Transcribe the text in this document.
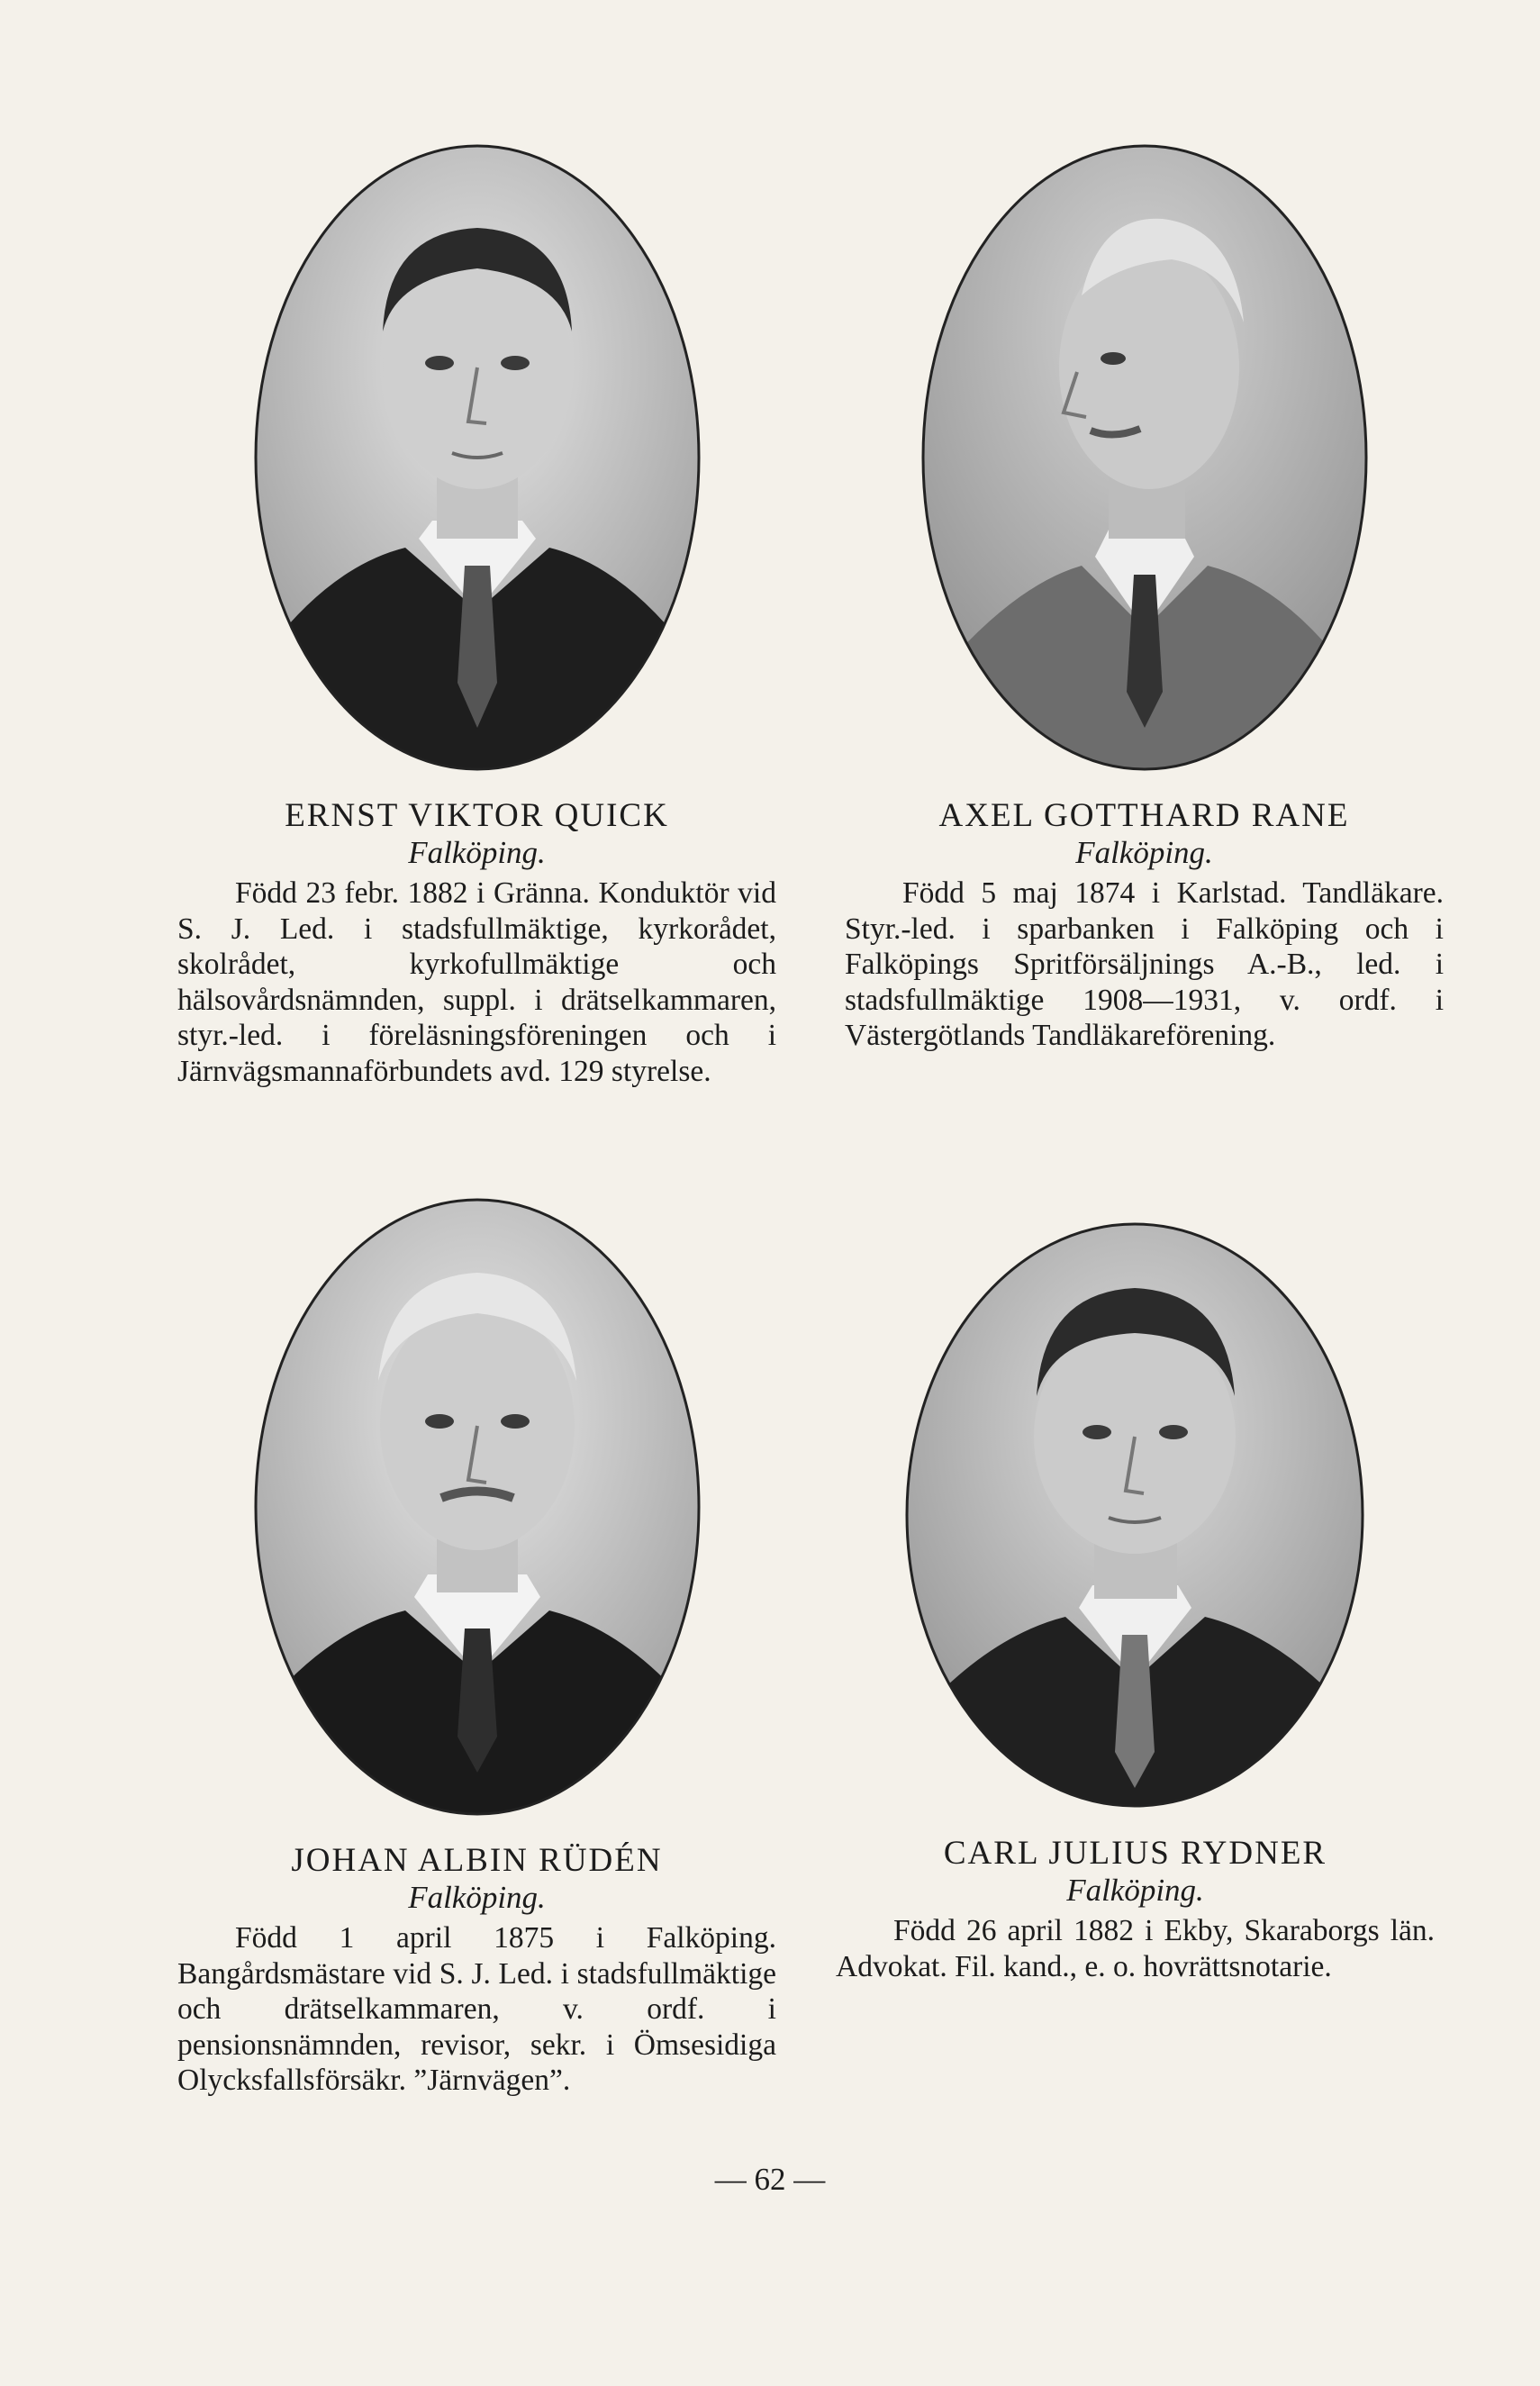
ERNST VIKTOR QUICK
Falköping.
Född 23 febr. 1882 i Gränna. Konduktör vid S. J. Led. i stadsfullmäktige, kyrkorådet, skolrådet, kyrkofullmäktige och hälsovårdsnämnden, suppl. i drätselkammaren, styr.-led. i föreläsningsföreningen och i Järnvägsmannaförbundets avd. 129 styrelse.
AXEL GOTTHARD RANE
Falköping.
Född 5 maj 1874 i Karlstad. Tandläkare. Styr.-led. i sparbanken i Falköping och i Falköpings Spritförsäljnings A.-B., led. i stadsfullmäktige 1908—1931, v. ordf. i Västergötlands Tandläkareförening.
JOHAN ALBIN RÜDÉN
Falköping.
Född 1 april 1875 i Falköping. Bangårdsmästare vid S. J. Led. i stadsfullmäktige och drätselkammaren, v. ordf. i pensionsnämnden, revisor, sekr. i Ömsesidiga Olycksfallsförsäkr. ”Järnvägen”.
CARL JULIUS RYDNER
Falköping.
Född 26 april 1882 i Ekby, Skaraborgs län. Advokat. Fil. kand., e. o. hovrättsnotarie.
— 62 —
